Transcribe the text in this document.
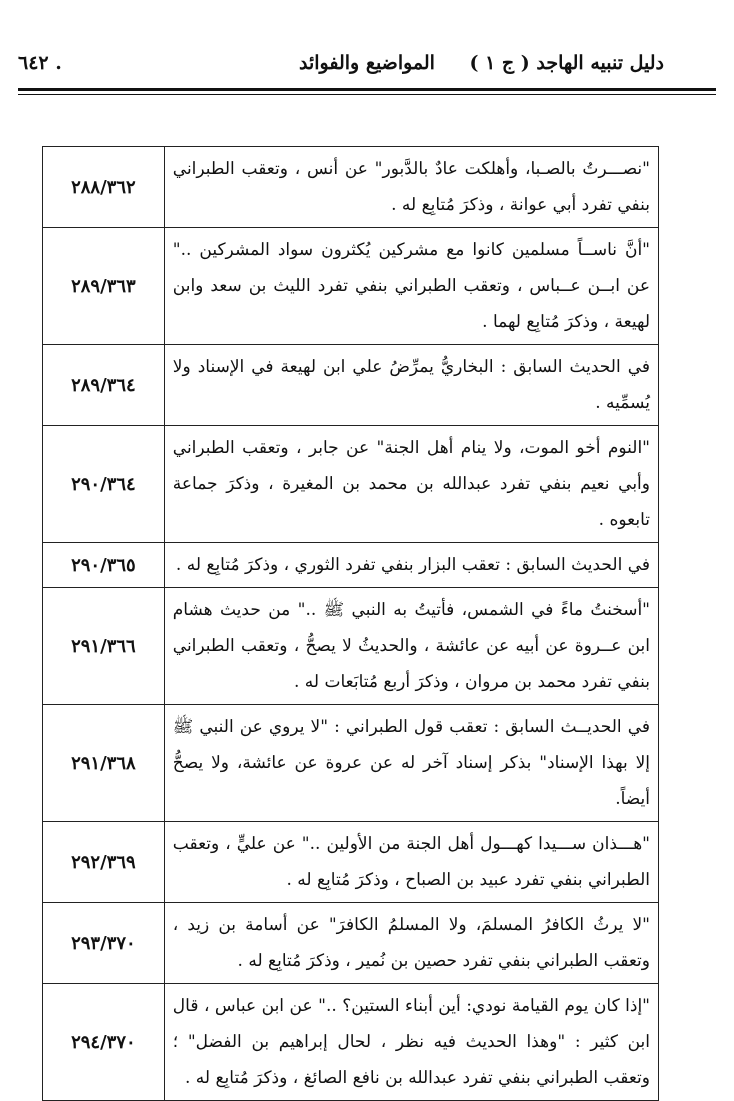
دليل تنبيه الهاجد ( ج ١ )
المواضيع والفوائد
٦٤٢ .
"نصـــرتُ بالصـبا، وأهلكت عادٌ بالدَّبور" عن أنس ، وتعقب الطبراني بنفي تفرد أبي عوانة ، وذكرَ مُتابِع له .	٢٨٨/٣٦٢
"أنَّ ناســاً مسلمين كانوا مع مشركين يُكثرون سواد المشركين .." عن ابــن عــباس ، وتعقب الطبراني بنفي تفرد الليث بن سعد وابن لهيعة ، وذكرَ مُتابِع لهما .	٢٨٩/٣٦٣
في الحديث السابق : البخاريُّ يمرِّضُ علي ابن لهيعة في الإسناد ولا يُسمِّيه .	٢٨٩/٣٦٤
"النوم أخو الموت، ولا ينام أهل الجنة" عن جابر ، وتعقب الطبراني وأبي نعيم بنفي تفرد عبدالله بن محمد بن المغيرة ، وذكرَ جماعة تابعوه .	٢٩٠/٣٦٤
في الحديث السابق : تعقب البزار بنفي تفرد الثوري ، وذكرَ مُتابِع له .	٢٩٠/٣٦٥
"أسخنتُ ماءً في الشمس، فأتيتُ به النبي ﷺ .." من حديث هشام ابن عــروة عن أبيه عن عائشة ، والحديثُ لا يصحُّ ، وتعقب الطبراني بنفي تفرد محمد بن مروان ، وذكرَ أربع مُتابَعات له .	٢٩١/٣٦٦
في الحديــث السابق : تعقب قول الطبراني : "لا يروي عن النبي ﷺ إلا بهذا الإسناد" بذكر إسناد آخر له عن عروة عن عائشة، ولا يصحُّ أيضاً.	٢٩١/٣٦٨
"هـــذان ســـيدا كهـــول أهل الجنة من الأولين .." عن عليٍّ ، وتعقب الطبراني بنفي تفرد عبيد بن الصباح ، وذكرَ مُتابِع له .	٢٩٢/٣٦٩
"لا يرثُ الكافرُ المسلمَ، ولا المسلمُ الكافرَ" عن أسامة بن زيد ، وتعقب الطبراني بنفي تفرد حصين بن نُمير ، وذكرَ مُتابِع له .	٢٩٣/٣٧٠
"إذا كان يوم القيامة نودي: أين أبناء الستين؟ .." عن ابن عباس ، قال ابن كثير : "وهذا الحديث فيه نظر ، لحال إبراهيم بن الفضل" ؛ وتعقب الطبراني بنفي تفرد عبدالله بن نافع الصائغ ، وذكرَ مُتابِع له .	٢٩٤/٣٧٠
